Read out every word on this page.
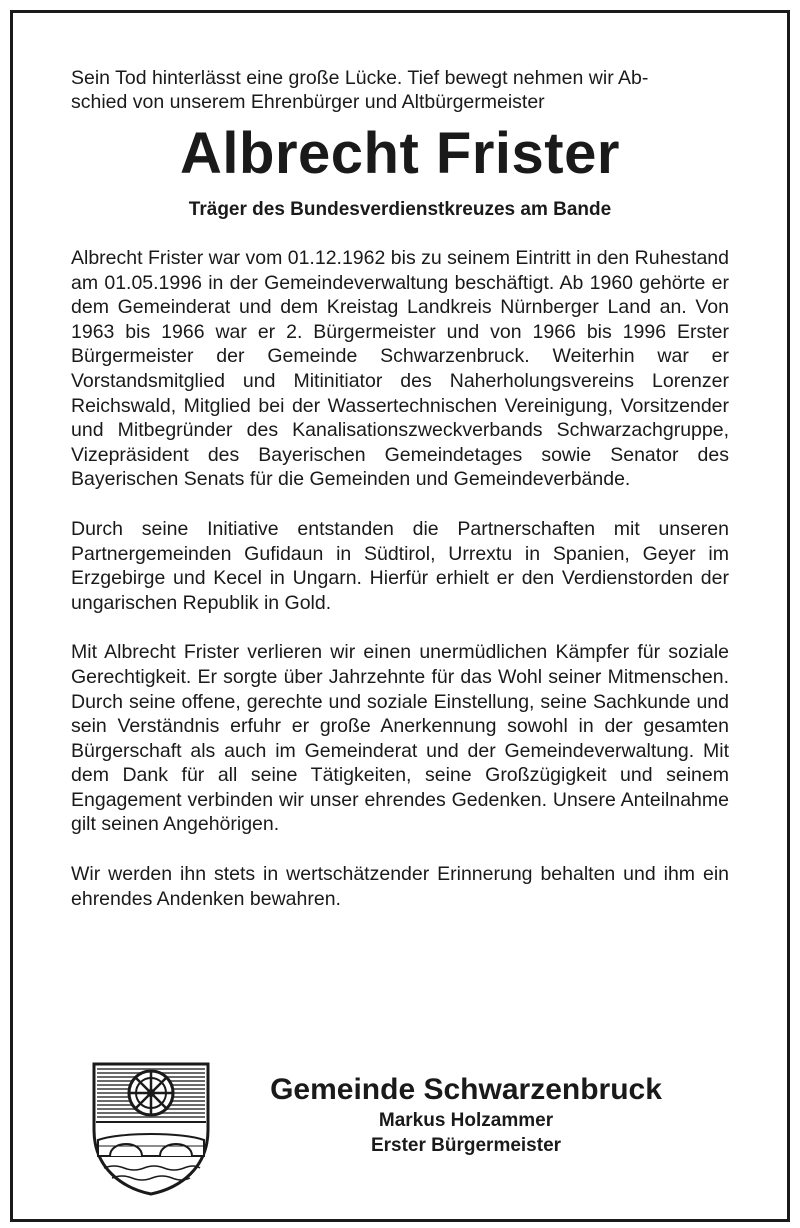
Sein Tod hinterlässt eine große Lücke. Tief bewegt nehmen wir Ab-
schied von unserem Ehrenbürger und Altbürgermeister

Albrecht Frister

Träger des Bundesverdienstkreuzes am Bande

Albrecht Frister war vom 01.12.1962 bis zu seinem Eintritt in den Ruhestand am 01.05.1996 in der Gemeindeverwaltung beschäftigt. Ab 1960 gehörte er dem Gemeinderat und dem Kreistag Landkreis Nürnberger Land an. Von 1963 bis 1966 war er 2. Bürgermeister und von 1966 bis 1996 Erster Bürgermeister der Gemeinde Schwarzenbruck. Weiterhin war er Vorstandsmitglied und Mitinitiator des Naherholungsvereins Lorenzer Reichswald, Mitglied bei der Wassertechnischen Vereinigung, Vorsitzender und Mitbegründer des Kanalisationszweckverbands Schwarzachgruppe, Vizepräsident des Bayerischen Gemeindetages sowie Senator des Bayerischen Senats für die Gemeinden und Gemeindeverbände.

Durch seine Initiative entstanden die Partnerschaften mit unseren Partnergemeinden Gufidaun in Südtirol, Urrextu in Spanien, Geyer im Erzgebirge und Kecel in Ungarn. Hierfür erhielt er den Verdienstorden der ungarischen Republik in Gold.

Mit Albrecht Frister verlieren wir einen unermüdlichen Kämpfer für soziale Gerechtigkeit. Er sorgte über Jahrzehnte für das Wohl seiner Mitmenschen. Durch seine offene, gerechte und soziale Einstellung, seine Sachkunde und sein Verständnis erfuhr er große Anerkennung sowohl in der gesamten Bürgerschaft als auch im Gemeinderat und der Gemeindeverwaltung. Mit dem Dank für all seine Tätigkeiten, seine Großzügigkeit und seinem Engagement verbinden wir unser ehrendes Gedenken. Unsere Anteilnahme gilt seinen Angehörigen.

Wir werden ihn stets in wertschätzender Erinnerung behalten und ihm ein ehrendes Andenken bewahren.

Gemeinde Schwarzenbruck

Markus Holzammer

Erster Bürgermeister
